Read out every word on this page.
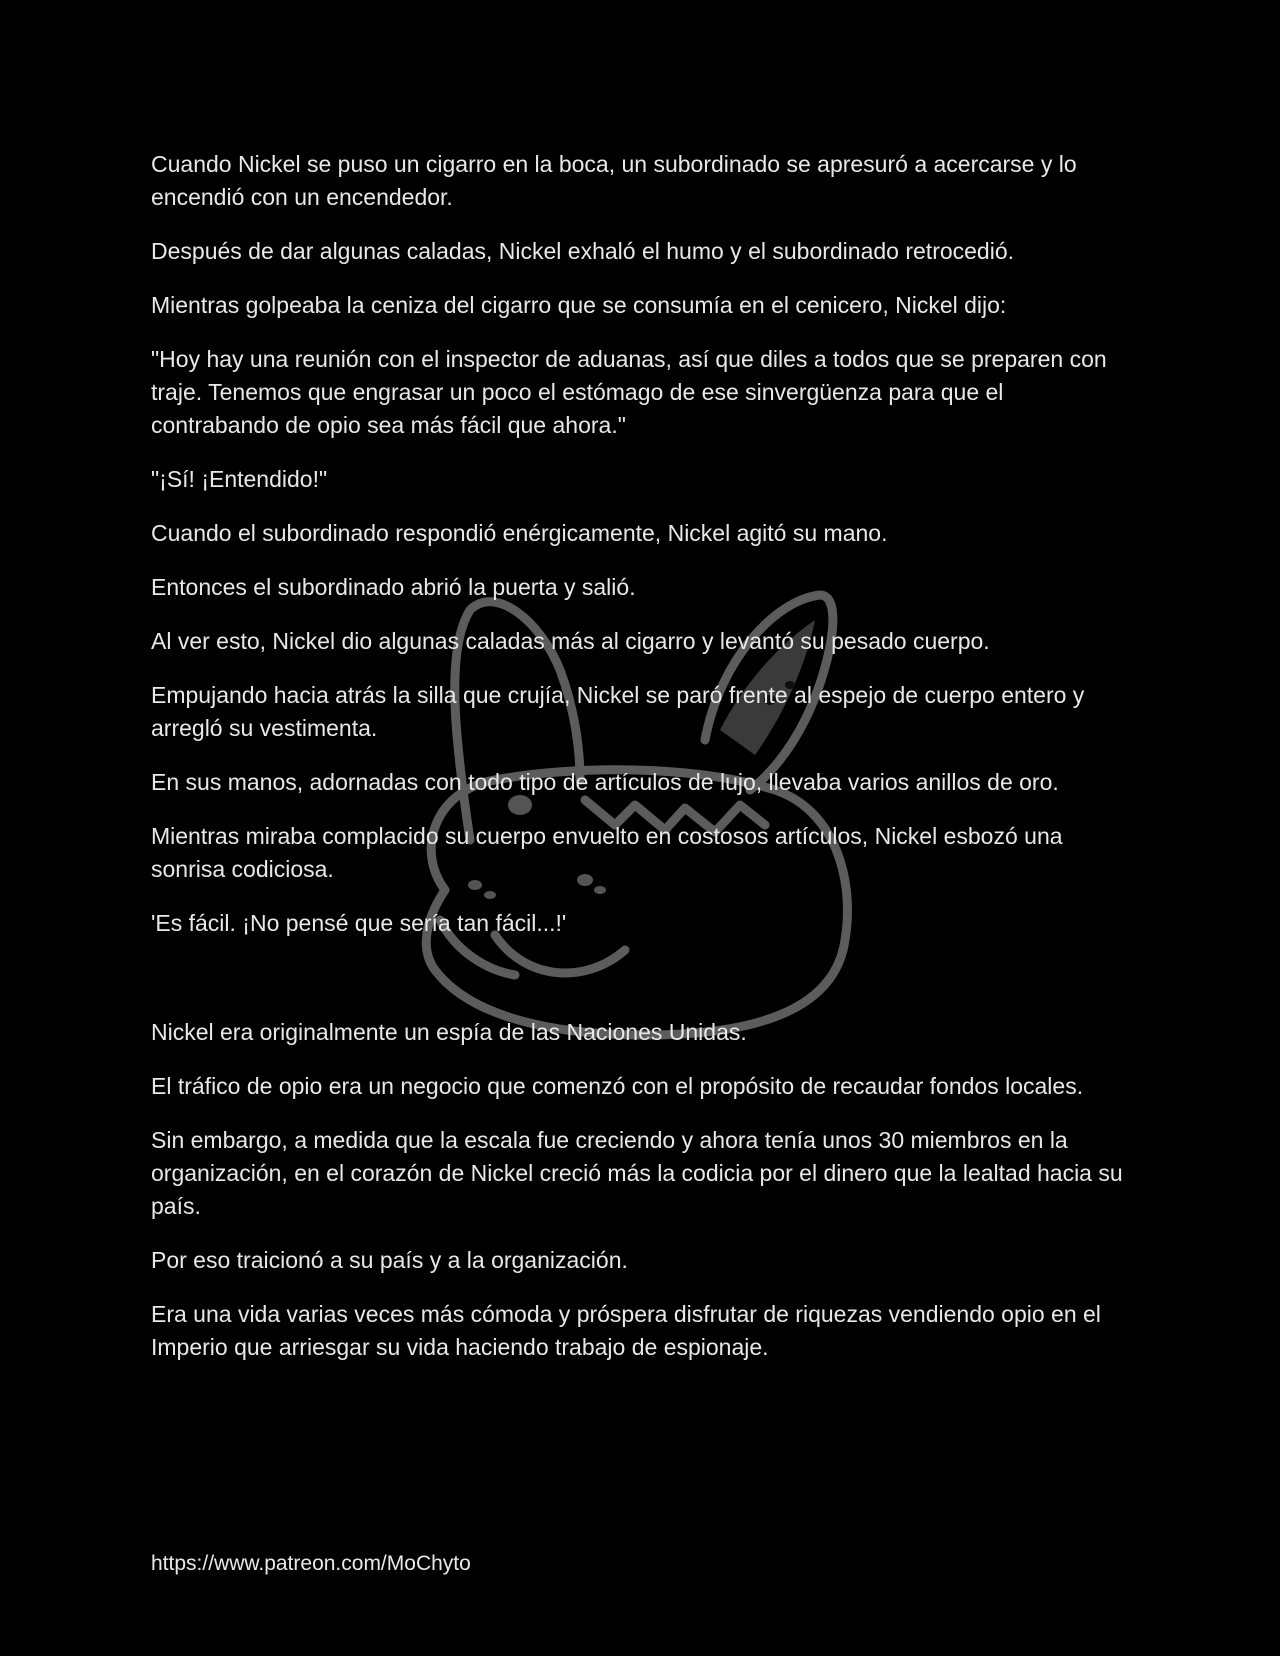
Cuando Nickel se puso un cigarro en la boca, un subordinado se apresuró a acercarse y lo encendió con un encendedor.

Después de dar algunas caladas, Nickel exhaló el humo y el subordinado retrocedió.

Mientras golpeaba la ceniza del cigarro que se consumía en el cenicero, Nickel dijo:

"Hoy hay una reunión con el inspector de aduanas, así que diles a todos que se preparen con traje. Tenemos que engrasar un poco el estómago de ese sinvergüenza para que el contrabando de opio sea más fácil que ahora."

"¡Sí! ¡Entendido!"

Cuando el subordinado respondió enérgicamente, Nickel agitó su mano.

Entonces el subordinado abrió la puerta y salió.

Al ver esto, Nickel dio algunas caladas más al cigarro y levantó su pesado cuerpo.

Empujando hacia atrás la silla que crujía, Nickel se paró frente al espejo de cuerpo entero y arregló su vestimenta.

En sus manos, adornadas con todo tipo de artículos de lujo, llevaba varios anillos de oro.

Mientras miraba complacido su cuerpo envuelto en costosos artículos, Nickel esbozó una sonrisa codiciosa.

'Es fácil. ¡No pensé que sería tan fácil...!'

Nickel era originalmente un espía de las Naciones Unidas.

El tráfico de opio era un negocio que comenzó con el propósito de recaudar fondos locales.

Sin embargo, a medida que la escala fue creciendo y ahora tenía unos 30 miembros en la organización, en el corazón de Nickel creció más la codicia por el dinero que la lealtad hacia su país.

Por eso traicionó a su país y a la organización.

Era una vida varias veces más cómoda y próspera disfrutar de riquezas vendiendo opio en el Imperio que arriesgar su vida haciendo trabajo de espionaje.

https://www.patreon.com/MoChyto
